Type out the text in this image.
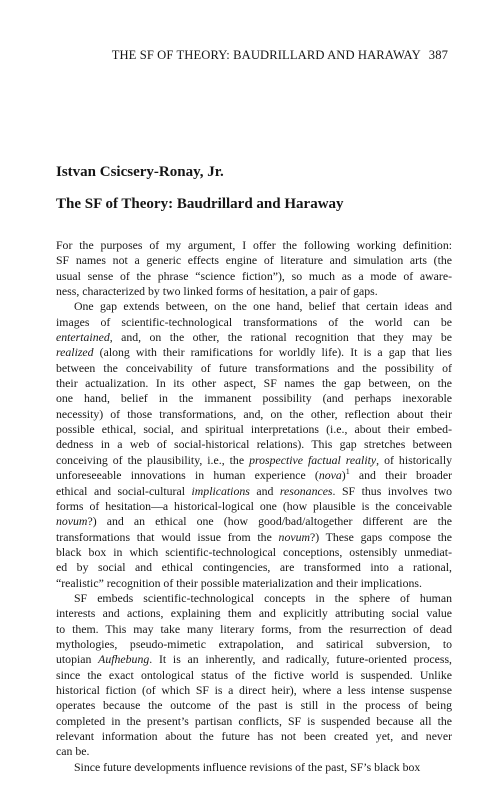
THE SF OF THEORY: BAUDRILLARD AND HARAWAY 387
Istvan Csicsery-Ronay, Jr.
The SF of Theory: Baudrillard and Haraway

For the purposes of my argument, I offer the following working definition:
SF names not a generic effects engine of literature and simulation arts (the
usual sense of the phrase “science fiction”), so much as a mode of aware-
ness, characterized by two linked forms of hesitation, a pair of gaps.

One gap extends between, on the one hand, belief that certain ideas and
images of scientific-technological transformations of the world can be
entertained, and, on the other, the rational recognition that they may be
realized (along with their ramifications for worldly life). It is a gap that lies
between the conceivability of future transformations and the possibility of
their actualization. In its other aspect, SF names the gap between, on the
one hand, belief in the immanent possibility (and perhaps inexorable
necessity) of those transformations, and, on the other, reflection about their
possible ethical, social, and spiritual interpretations (i.e., about their embed-
dedness in a web of social-historical relations). This gap stretches between
conceiving of the plausibility, i.e., the prospective factual reality, of historically
unforeseeable innovations in human experience (nova)$^1$ and their broader
ethical and social-cultural implications and resonances. SF thus involves two
forms of hesitation—a historical-logical one (how plausible is the conceivable
novum?) and an ethical one (how good/bad/altogether different are the
transformations that would issue from the novum?) These gaps compose the
black box in which scientific-technological conceptions, ostensibly unmediat-
ed by social and ethical contingencies, are transformed into a rational,
“realistic” recognition of their possible materialization and their implications.

SF embeds scientific-technological concepts in the sphere of human
interests and actions, explaining them and explicitly attributing social value
to them. This may take many literary forms, from the resurrection of dead
mythologies, pseudo-mimetic extrapolation, and satirical subversion, to
utopian Aufhebung. It is an inherently, and radically, future-oriented process,
since the exact ontological status of the fictive world is suspended. Unlike
historical fiction (of which SF is a direct heir), where a less intense suspense
operates because the outcome of the past is still in the process of being
completed in the present’s partisan conflicts, SF is suspended because all the
relevant information about the future has not been created yet, and never
can be.

Since future developments influence revisions of the past, SF’s black box
